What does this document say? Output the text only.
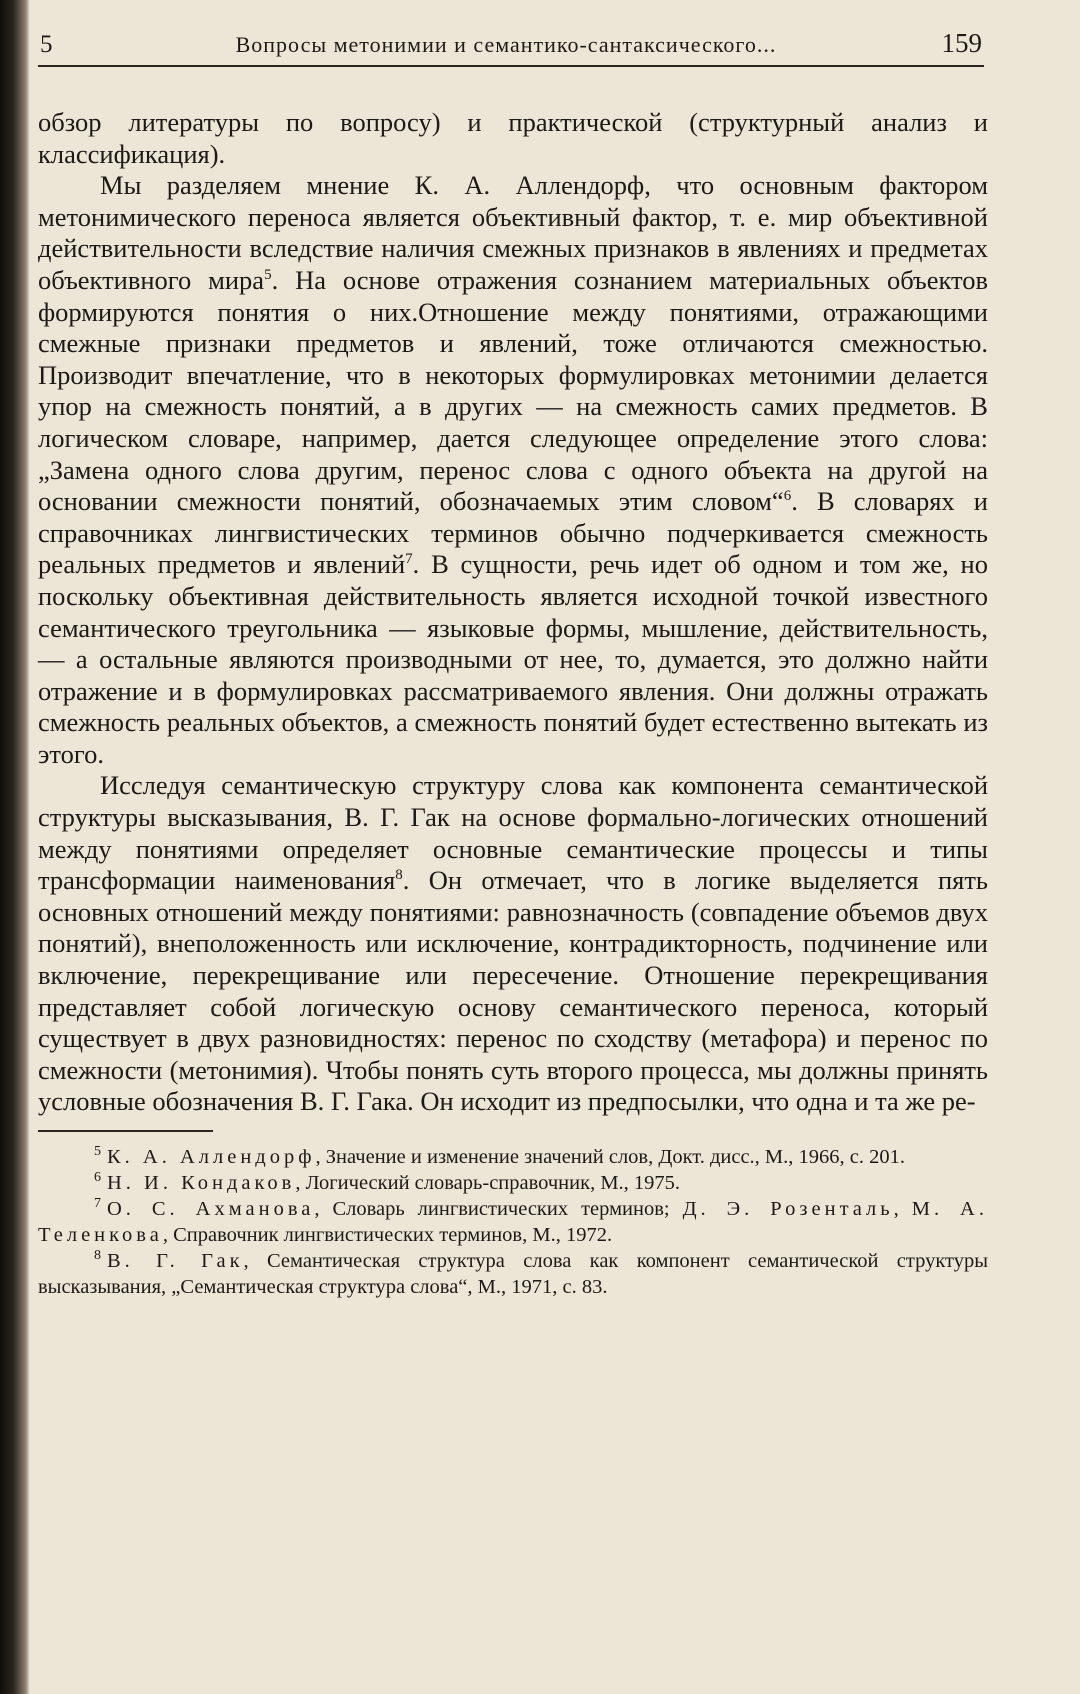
5	Вопросы метонимии и семантико-сантаксического...	159

обзор литературы по вопросу) и практической (структурный анализ и классификация).

Мы разделяем мнение К. А. Аллендорф, что основным фактором метонимического переноса является объективный фактор, т. е. мир объективной действительности вследствие наличия смежных признаков в явлениях и предметах объективного мира$^5$. На основе отражения сознанием материальных объектов формируются понятия о них.Отношение между понятиями, отражающими смежные признаки предметов и явлений, тоже отличаются смежностью. Производит впечатление, что в некоторых формулировках метонимии делается упор на смежность понятий, а в других — на смежность самих предметов. В логическом словаре, например, дается следующее определение этого слова: „Замена одного слова другим, перенос слова с одного объекта на другой на основании смежности понятий, обозначаемых этим словом“$^6$. В словарях и справочниках лингвистических терминов обычно подчеркивается смежность реальных предметов и явлений$^7$. В сущности, речь идет об одном и том же, но поскольку объективная действительность является исходной точкой известного семантического треугольника — языковые формы, мышление, действительность, — а остальные являются производными от нее, то, думается, это должно найти отражение и в формулировках рассматриваемого явления. Они должны отражать смежность реальных объектов, а смежность понятий будет естественно вытекать из этого.

Исследуя семантическую структуру слова как компонента семантической структуры высказывания, В. Г. Гак на основе формально-логических отношений между понятиями определяет основные семантические процессы и типы трансформации наименования$^8$. Он отмечает, что в логике выделяется пять основных отношений между понятиями: равнозначность (совпадение объемов двух понятий), внеположенность или исключение, контрадикторность, подчинение или включение, перекрещивание или пересечение. Отношение перекрещивания представляет собой логическую основу семантического переноса, который существует в двух разновидностях: перенос по сходству (метафора) и перенос по смежности (метонимия). Чтобы понять суть второго процесса, мы должны принять условные обозначения В. Г. Гака. Он исходит из предпосылки, что одна и та же ре-

$^5$ К. А. Аллендорф, Значение и изменение значений слов, Докт. дисс., М., 1966, с. 201.

$^6$ Н. И. Кондаков, Логический словарь-справочник, М., 1975.

$^7$ О. С. Ахманова, Словарь лингвистических терминов; Д. Э. Розенталь, М. А. Теленкова, Справочник лингвистических терминов, М., 1972.

$^8$ В. Г. Гак, Семантическая структура слова как компонент семантической структуры высказывания, „Семантическая структура слова“, М., 1971, с. 83.
